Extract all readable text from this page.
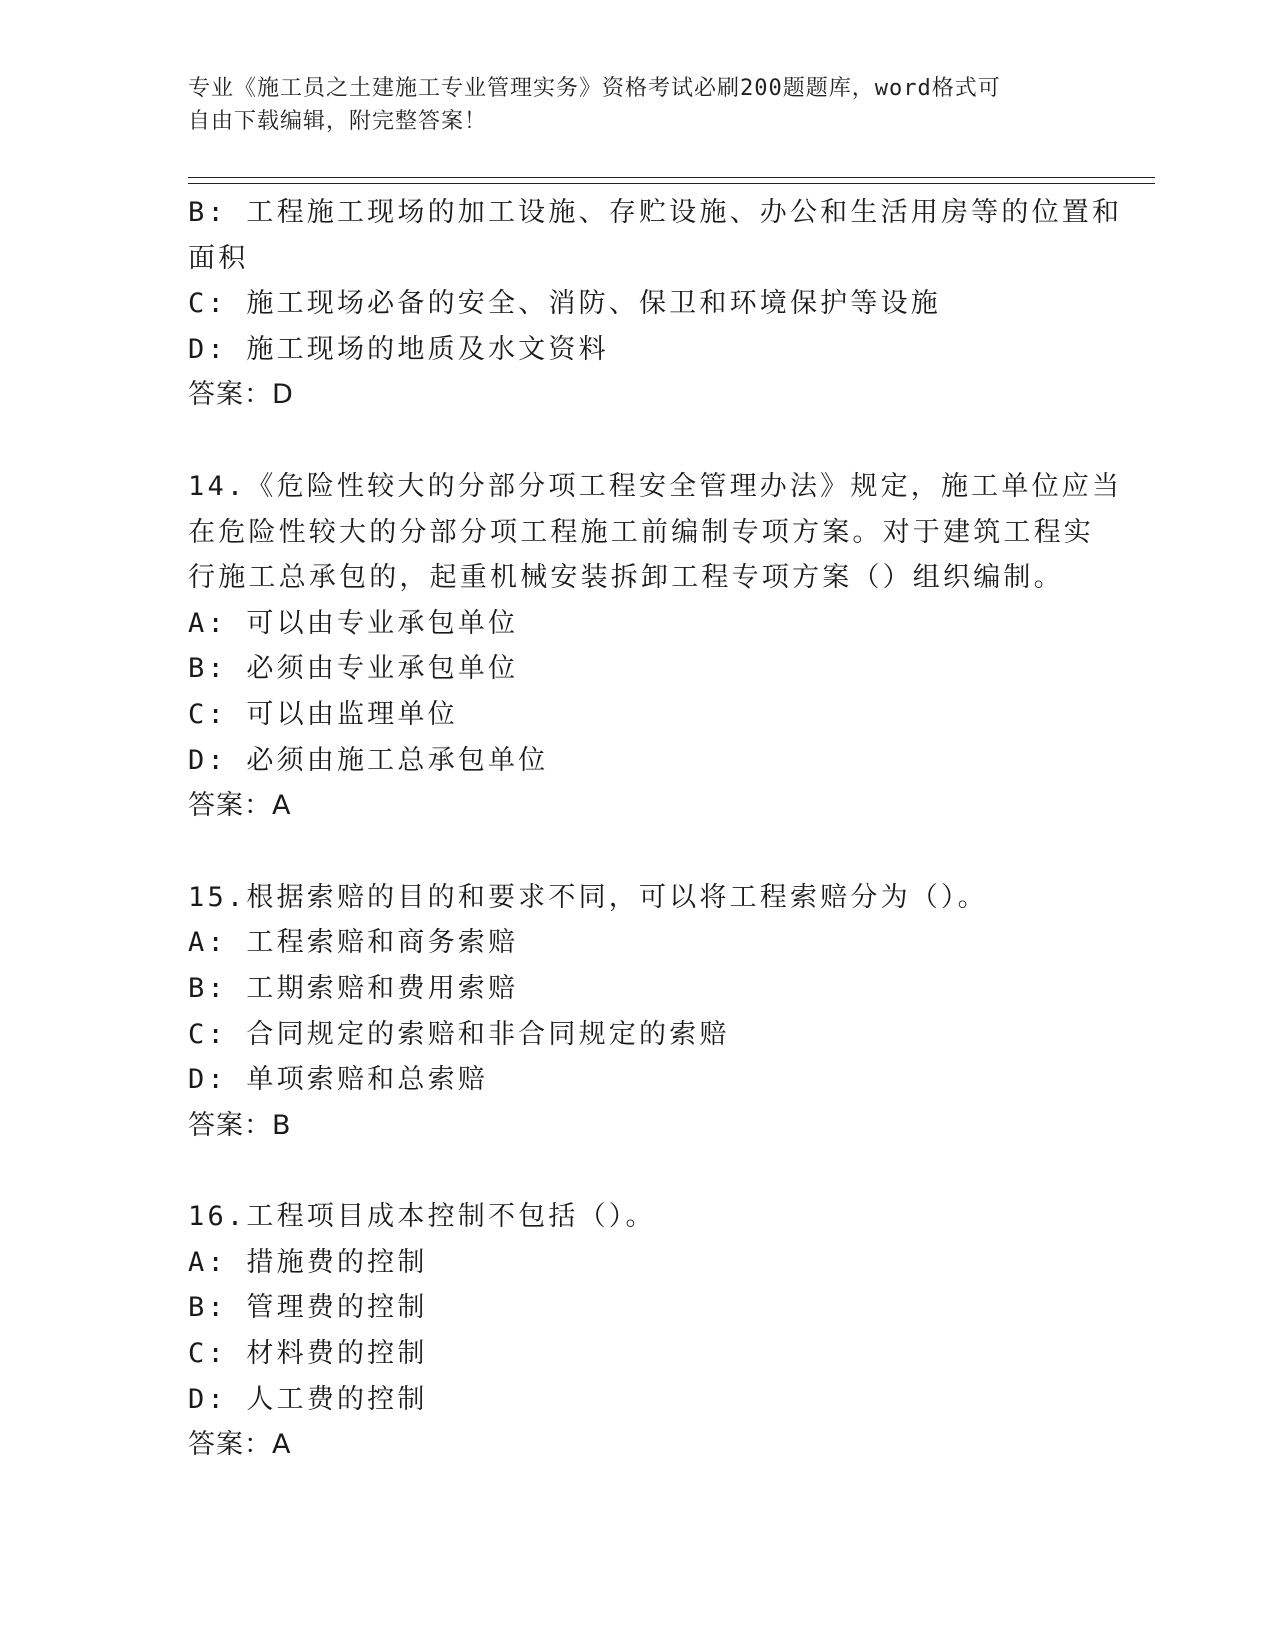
专业《施工员之土建施工专业管理实务》资格考试必刷200题题库，word格式可
自由下载编辑，附完整答案！
B: 工程施工现场的加工设施、存贮设施、办公和生活用房等的位置和
面积
C: 施工现场必备的安全、消防、保卫和环境保护等设施
D: 施工现场的地质及水文资料
答案：D
14.《危险性较大的分部分项工程安全管理办法》规定，施工单位应当
在危险性较大的分部分项工程施工前编制专项方案。对于建筑工程实
行施工总承包的，起重机械安装拆卸工程专项方案（）组织编制。
A: 可以由专业承包单位
B: 必须由专业承包单位
C: 可以由监理单位
D: 必须由施工总承包单位
答案：A
15.根据索赔的目的和要求不同，可以将工程索赔分为（）。
A: 工程索赔和商务索赔
B: 工期索赔和费用索赔
C: 合同规定的索赔和非合同规定的索赔
D: 单项索赔和总索赔
答案：B
16.工程项目成本控制不包括（）。
A: 措施费的控制
B: 管理费的控制
C: 材料费的控制
D: 人工费的控制
答案：A
